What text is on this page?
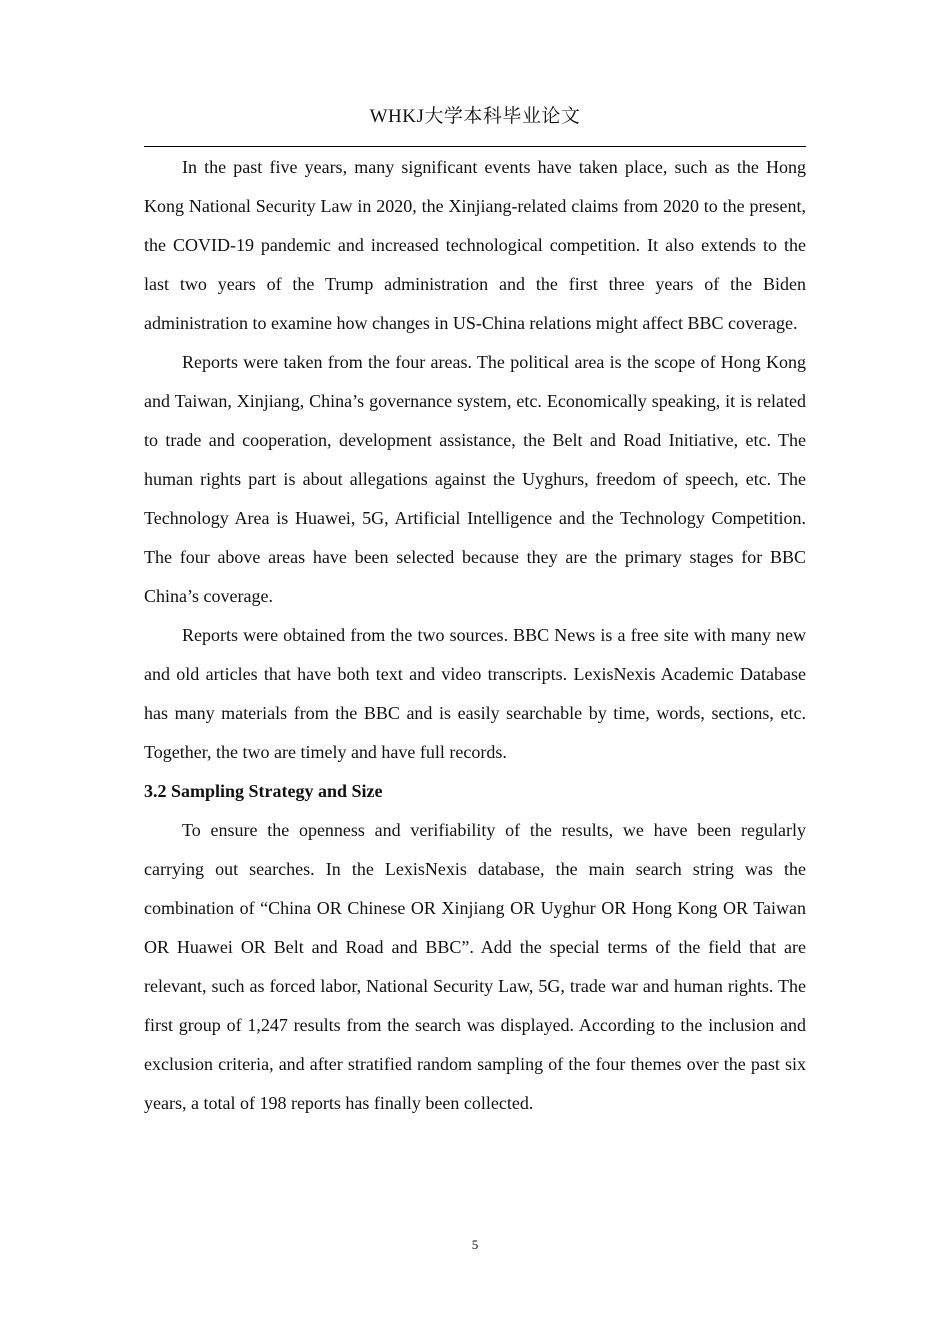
WHKJ大学本科毕业论文

In the past five years, many significant events have taken place, such as the Hong Kong National Security Law in 2020, the Xinjiang-related claims from 2020 to the present, the COVID-19 pandemic and increased technological competition. It also extends to the last two years of the Trump administration and the first three years of the Biden administration to examine how changes in US-China relations might affect BBC coverage.

Reports were taken from the four areas. The political area is the scope of Hong Kong and Taiwan, Xinjiang, China’s governance system, etc. Economically speaking, it is related to trade and cooperation, development assistance, the Belt and Road Initiative, etc. The human rights part is about allegations against the Uyghurs, freedom of speech, etc. The Technology Area is Huawei, 5G, Artificial Intelligence and the Technology Competition. The four above areas have been selected because they are the primary stages for BBC China’s coverage.

Reports were obtained from the two sources. BBC News is a free site with many new and old articles that have both text and video transcripts. LexisNexis Academic Database has many materials from the BBC and is easily searchable by time, words, sections, etc. Together, the two are timely and have full records.

3.2 Sampling Strategy and Size

To ensure the openness and verifiability of the results, we have been regularly carrying out searches. In the LexisNexis database, the main search string was the combination of “China OR Chinese OR Xinjiang OR Uyghur OR Hong Kong OR Taiwan OR Huawei OR Belt and Road and BBC”. Add the special terms of the field that are relevant, such as forced labor, National Security Law, 5G, trade war and human rights. The first group of 1,247 results from the search was displayed. According to the inclusion and exclusion criteria, and after stratified random sampling of the four themes over the past six years, a total of 198 reports has finally been collected.

5
